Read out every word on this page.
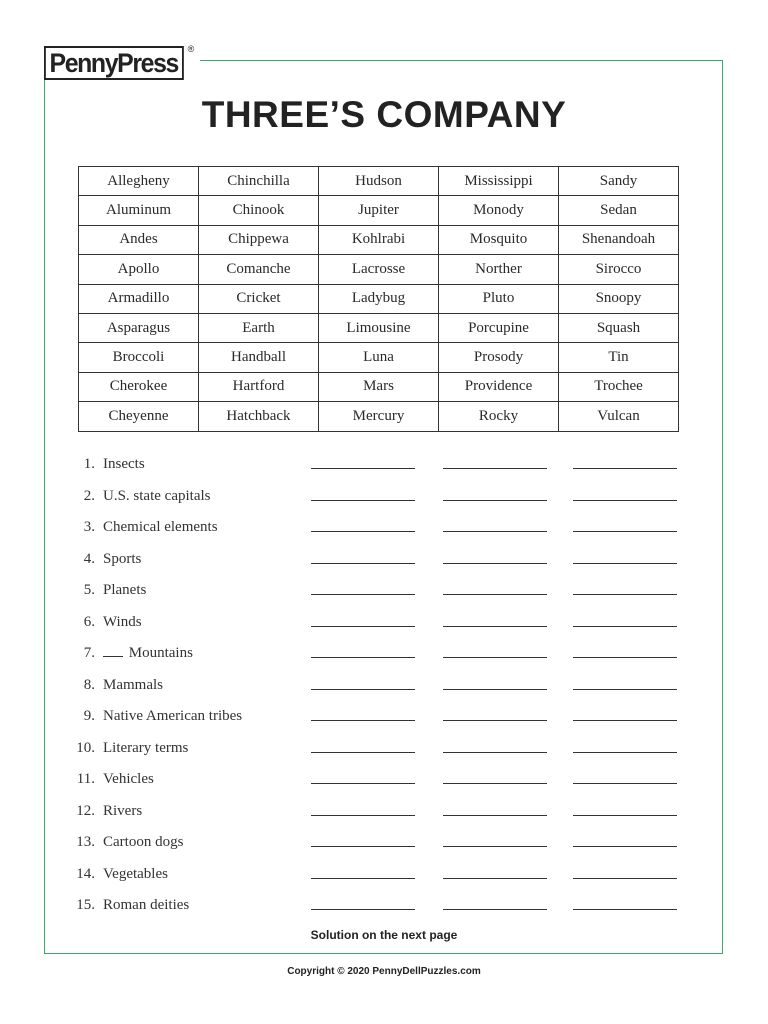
PennyPress	®
THREE’S COMPANY
Allegheny	Chinchilla	Hudson	Mississippi	Sandy
Aluminum	Chinook	Jupiter	Monody	Sedan
Andes	Chippewa	Kohlrabi	Mosquito	Shenandoah
Apollo	Comanche	Lacrosse	Norther	Sirocco
Armadillo	Cricket	Ladybug	Pluto	Snoopy
Asparagus	Earth	Limousine	Porcupine	Squash
Broccoli	Handball	Luna	Prosody	Tin
Cherokee	Hartford	Mars	Providence	Trochee
Cheyenne	Hatchback	Mercury	Rocky	Vulcan
1. Insects
2. U.S. state capitals
3. Chemical elements
4. Sports
5. Planets
6. Winds
7.	Mountains
8. Mammals
9. Native American tribes
10. Literary terms
11. Vehicles
12. Rivers
13. Cartoon dogs
14. Vegetables
15. Roman deities
Solution on the next page
Copyright © 2020 PennyDellPuzzles.com
